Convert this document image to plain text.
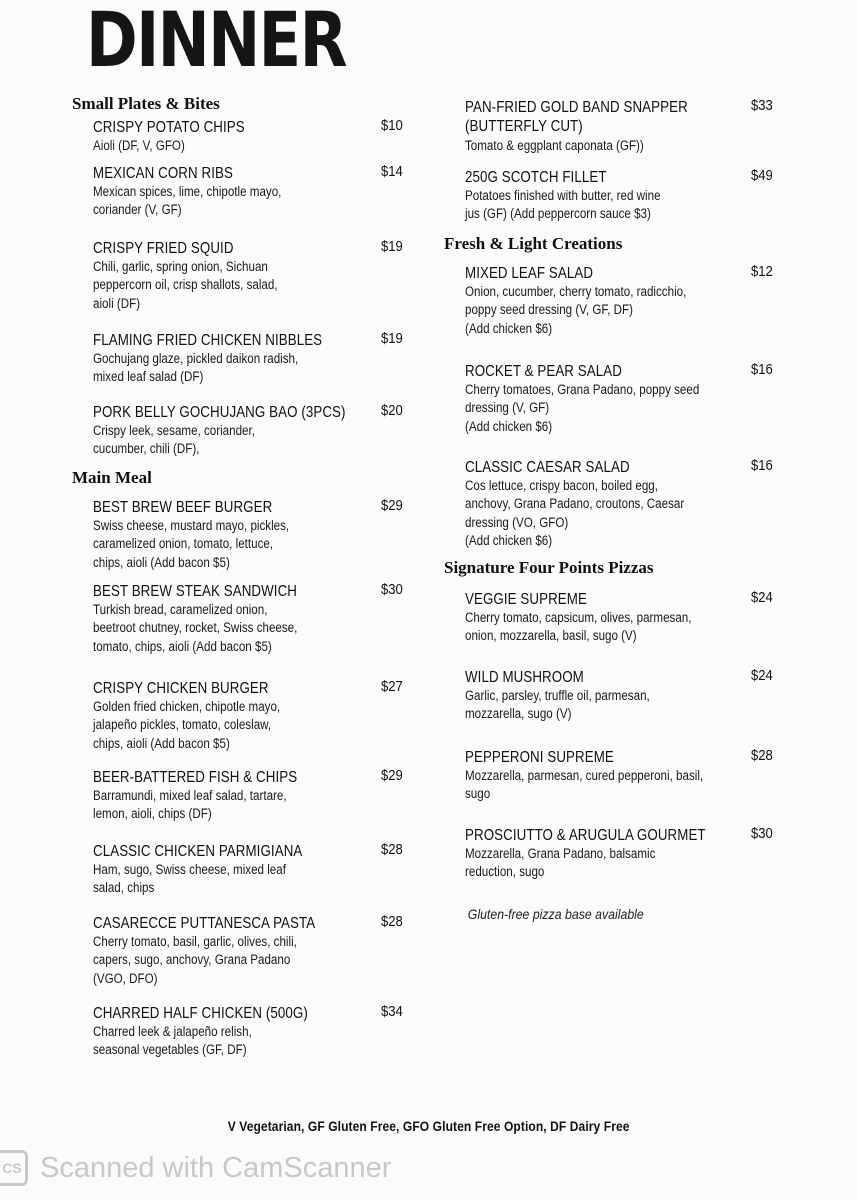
DINNER
Small Plates & Bites
CRISPY POTATO CHIPS
Aioli (DF, V, GFO)
$10
MEXICAN CORN RIBS
Mexican spices, lime, chipotle mayo,
coriander (V, GF)
$14
CRISPY FRIED SQUID
Chili, garlic, spring onion, Sichuan
peppercorn oil, crisp shallots, salad,
aioli (DF)
$19
FLAMING FRIED CHICKEN NIBBLES
Gochujang glaze, pickled daikon radish,
mixed leaf salad (DF)
$19
PORK BELLY GOCHUJANG BAO (3PCS)
Crispy leek, sesame, coriander,
cucumber, chili (DF),
$20
Main Meal
BEST BREW BEEF BURGER
Swiss cheese, mustard mayo, pickles,
caramelized onion, tomato, lettuce,
chips, aioli (Add bacon $5)
$29
BEST BREW STEAK SANDWICH
Turkish bread, caramelized onion,
beetroot chutney, rocket, Swiss cheese,
tomato, chips, aioli (Add bacon $5)
$30
CRISPY CHICKEN BURGER
Golden fried chicken, chipotle mayo,
jalapeño pickles, tomato, coleslaw,
chips, aioli (Add bacon $5)
$27
BEER-BATTERED FISH & CHIPS
Barramundi, mixed leaf salad, tartare,
lemon, aioli, chips (DF)
$29
CLASSIC CHICKEN PARMIGIANA
Ham, sugo, Swiss cheese, mixed leaf
salad, chips
$28
CASARECCE PUTTANESCA PASTA
Cherry tomato, basil, garlic, olives, chili,
capers, sugo, anchovy, Grana Padano
(VGO, DFO)
$28
CHARRED HALF CHICKEN (500G)
Charred leek & jalapeño relish,
seasonal vegetables (GF, DF)
$34
PAN-FRIED GOLD BAND SNAPPER
(BUTTERFLY CUT)
Tomato & eggplant caponata (GF))
$33
250G SCOTCH FILLET
Potatoes finished with butter, red wine
jus (GF) (Add peppercorn sauce $3)
$49
Fresh & Light Creations
MIXED LEAF SALAD
Onion, cucumber, cherry tomato, radicchio,
poppy seed dressing (V, GF, DF)
(Add chicken $6)
$12
ROCKET & PEAR SALAD
Cherry tomatoes, Grana Padano, poppy seed
dressing (V, GF)
(Add chicken $6)
$16
CLASSIC CAESAR SALAD
Cos lettuce, crispy bacon, boiled egg,
anchovy, Grana Padano, croutons, Caesar
dressing (VO, GFO)
(Add chicken $6)
$16
Signature Four Points Pizzas
VEGGIE SUPREME
Cherry tomato, capsicum, olives, parmesan,
onion, mozzarella, basil, sugo (V)
$24
WILD MUSHROOM
Garlic, parsley, truffle oil, parmesan,
mozzarella, sugo (V)
$24
PEPPERONI SUPREME
Mozzarella, parmesan, cured pepperoni, basil,
sugo
$28
PROSCIUTTO & ARUGULA GOURMET
Mozzarella, Grana Padano, balsamic
reduction, sugo
$30
Gluten-free pizza base available
V Vegetarian, GF Gluten Free, GFO Gluten Free Option, DF Dairy Free
CS Scanned with CamScanner
